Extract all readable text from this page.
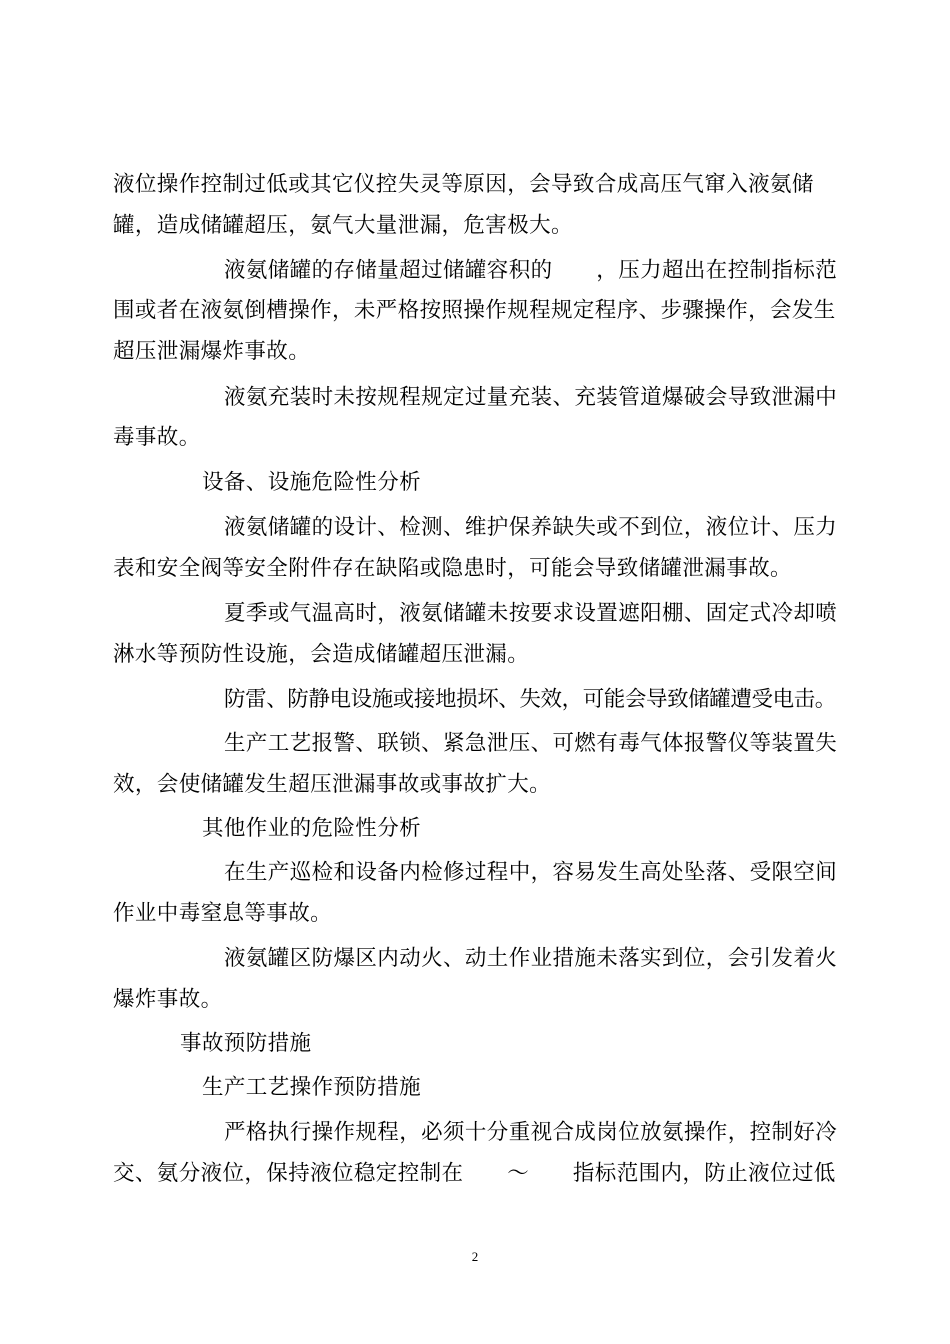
液位操作控制过低或其它仪控失灵等原因，会导致合成高压气窜入液氨储
罐，造成储罐超压，氨气大量泄漏，危害极大。
液氨储罐的存储量超过储罐容积的　　，压力超出在控制指标范
围或者在液氨倒槽操作，未严格按照操作规程规定程序、步骤操作，会发生
超压泄漏爆炸事故。
液氨充装时未按规程规定过量充装、充装管道爆破会导致泄漏中
毒事故。
设备、设施危险性分析
液氨储罐的设计、检测、维护保养缺失或不到位，液位计、压力
表和安全阀等安全附件存在缺陷或隐患时，可能会导致储罐泄漏事故。
夏季或气温高时，液氨储罐未按要求设置遮阳棚、固定式冷却喷
淋水等预防性设施，会造成储罐超压泄漏。
防雷、防静电设施或接地损坏、失效，可能会导致储罐遭受电击。
生产工艺报警、联锁、紧急泄压、可燃有毒气体报警仪等装置失
效，会使储罐发生超压泄漏事故或事故扩大。
其他作业的危险性分析
在生产巡检和设备内检修过程中，容易发生高处坠落、受限空间
作业中毒窒息等事故。
液氨罐区防爆区内动火、动土作业措施未落实到位，会引发着火
爆炸事故。
事故预防措施
生产工艺操作预防措施
严格执行操作规程，必须十分重视合成岗位放氨操作，控制好冷
交、氨分液位，保持液位稳定控制在　　～　　指标范围内，防止液位过低
2
